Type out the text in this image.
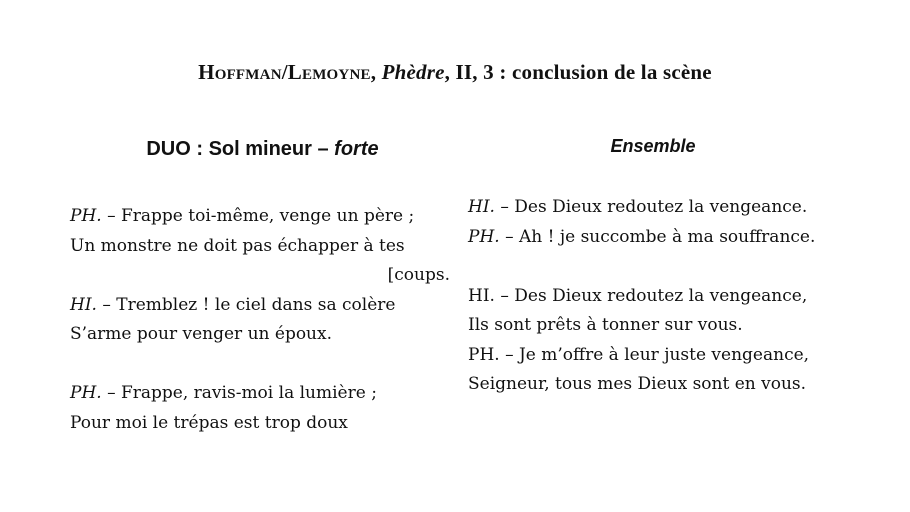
Hoffman/Lemoyne, Phèdre, II, 3 : conclusion de la scène
DUO : Sol mineur – forte	Ensemble
PH. – Frappe toi-même, venge un père ;
Un monstre ne doit pas échapper à tes
[coups.
HI. – Tremblez ! le ciel dans sa colère
S’arme pour venger un époux.
PH. – Frappe, ravis-moi la lumière ;
Pour moi le trépas est trop doux
HI. – Des Dieux redoutez la vengeance.
PH. – Ah ! je succombe à ma souffrance.
HI. – Des Dieux redoutez la vengeance,
Ils sont prêts à tonner sur vous.
PH. – Je m’offre à leur juste vengeance,
Seigneur, tous mes Dieux sont en vous.
